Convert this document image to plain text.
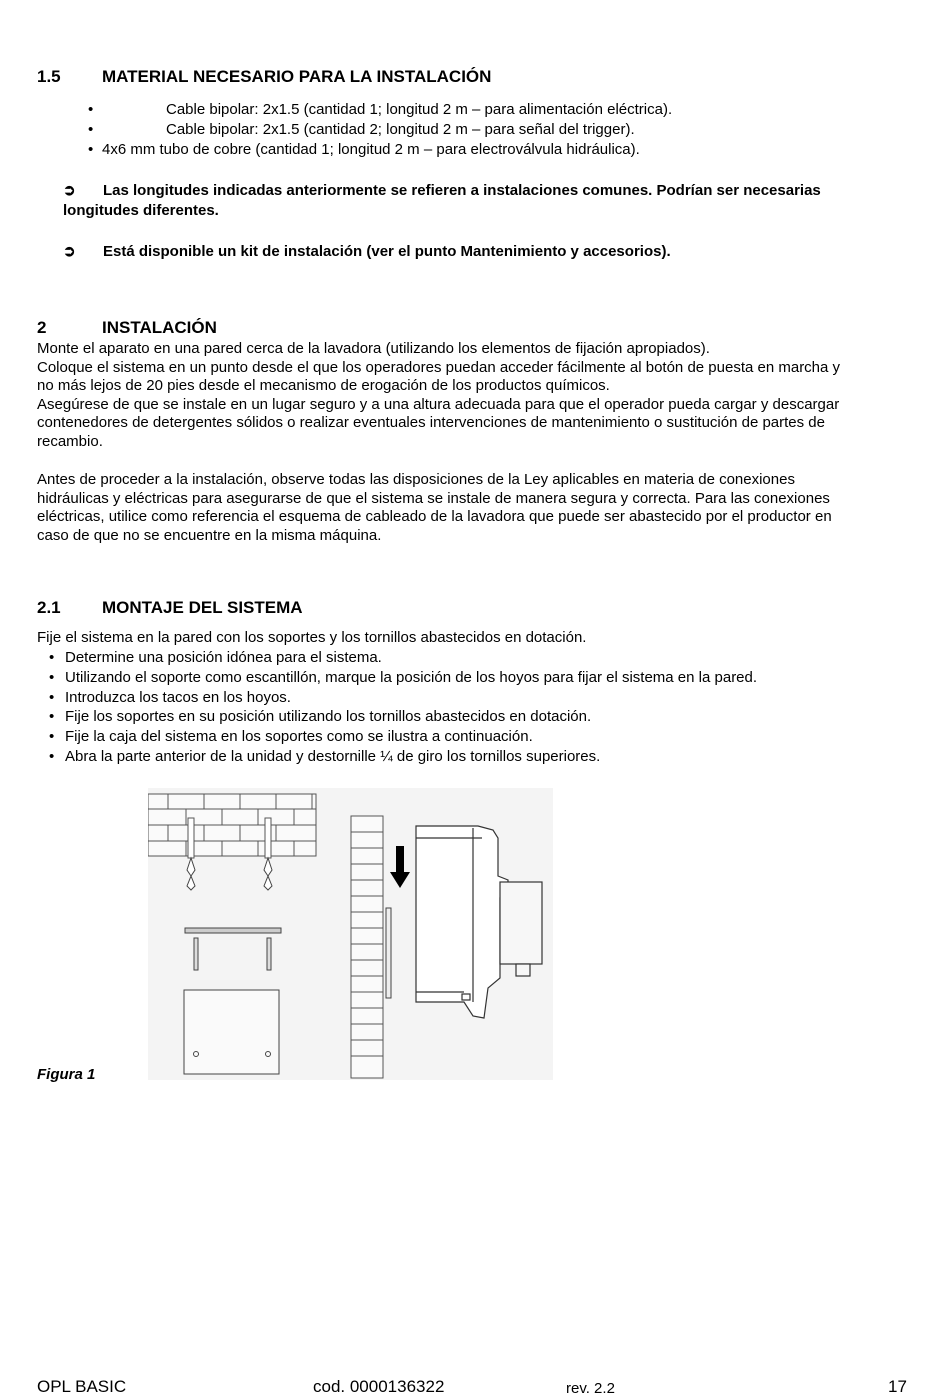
1.5 MATERIAL NECESARIO PARA LA INSTALACIÓN
•	Cable bipolar: 2x1.5 (cantidad 1; longitud 2 m – para alimentación eléctrica).
•	Cable bipolar: 2x1.5 (cantidad 2; longitud 2 m – para señal del trigger).
• 4x6 mm tubo de cobre (cantidad 1; longitud 2 m – para electroválvula hidráulica).
➲ Las longitudes indicadas anteriormente se refieren a instalaciones comunes. Podrían ser necesarias
longitudes diferentes.
➲ Está disponible un kit de instalación (ver el punto Mantenimiento y accesorios).
2	INSTALACIÓN
Monte el aparato en una pared cerca de la lavadora (utilizando los elementos de fijación apropiados).
Coloque el sistema en un punto desde el que los operadores puedan acceder fácilmente al botón de puesta en marcha y
no más lejos de 20 pies desde el mecanismo de erogación de los productos químicos.
Asegúrese de que se instale en un lugar seguro y a una altura adecuada para que el operador pueda cargar y descargar
contenedores de detergentes sólidos o realizar eventuales intervenciones de mantenimiento o sustitución de partes de
recambio.
Antes de proceder a la instalación, observe todas las disposiciones de la Ley aplicables en materia de conexiones
hidráulicas y eléctricas para asegurarse de que el sistema se instale de manera segura y correcta. Para las conexiones
eléctricas, utilice como referencia el esquema de cableado de la lavadora que puede ser abastecido por el productor en
caso de que no se encuentre en la misma máquina.
2.1 MONTAJE DEL SISTEMA
Fije el sistema en la pared con los soportes y los tornillos abastecidos en dotación.
• Determine una posición idónea para el sistema.
• Utilizando el soporte como escantillón, marque la posición de los hoyos para fijar el sistema en la pared.
• Introduzca los tacos en los hoyos.
• Fije los soportes en su posición utilizando los tornillos abastecidos en dotación.
• Fije la caja del sistema en los soportes como se ilustra a continuación.
• Abra la parte anterior de la unidad y destornille ¼ de giro los tornillos superiores.
Figura 1
OPL BASIC	cod. 0000136322	rev. 2.2	17
